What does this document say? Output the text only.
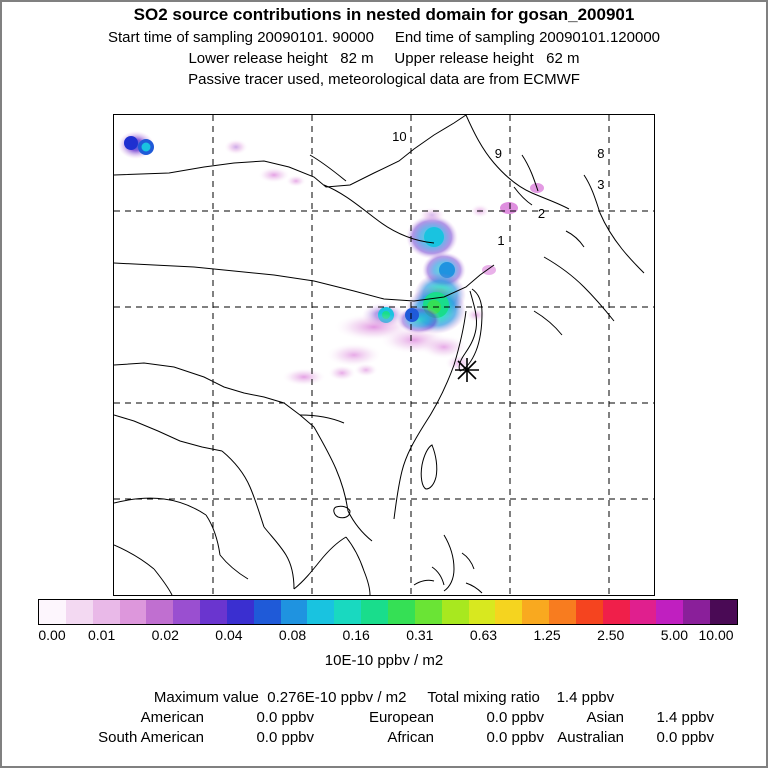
SO2 source contributions in nested domain for gosan_200901
Start time of sampling 20090101. 90000
End time of sampling 20090101.120000
Lower release height   82 m
Upper release height   62 m
Passive tracer used, meteorological data are from ECMWF
10
9	8
3
2
1
0.00 0.01	0.02	0.04	0.08	0.16	0.31	0.63	1.25	2.50	5.00 10.00
10E-10 ppbv / m2
Maximum value
0.276E-10 ppbv / m2
Total mixing ratio
1.4 ppbv
American	0.0 ppbv	European	0.0 ppbv	Asian	1.4 ppbv
South American	0.0 ppbv	African	0.0 ppbv Australian	0.0 ppbv
